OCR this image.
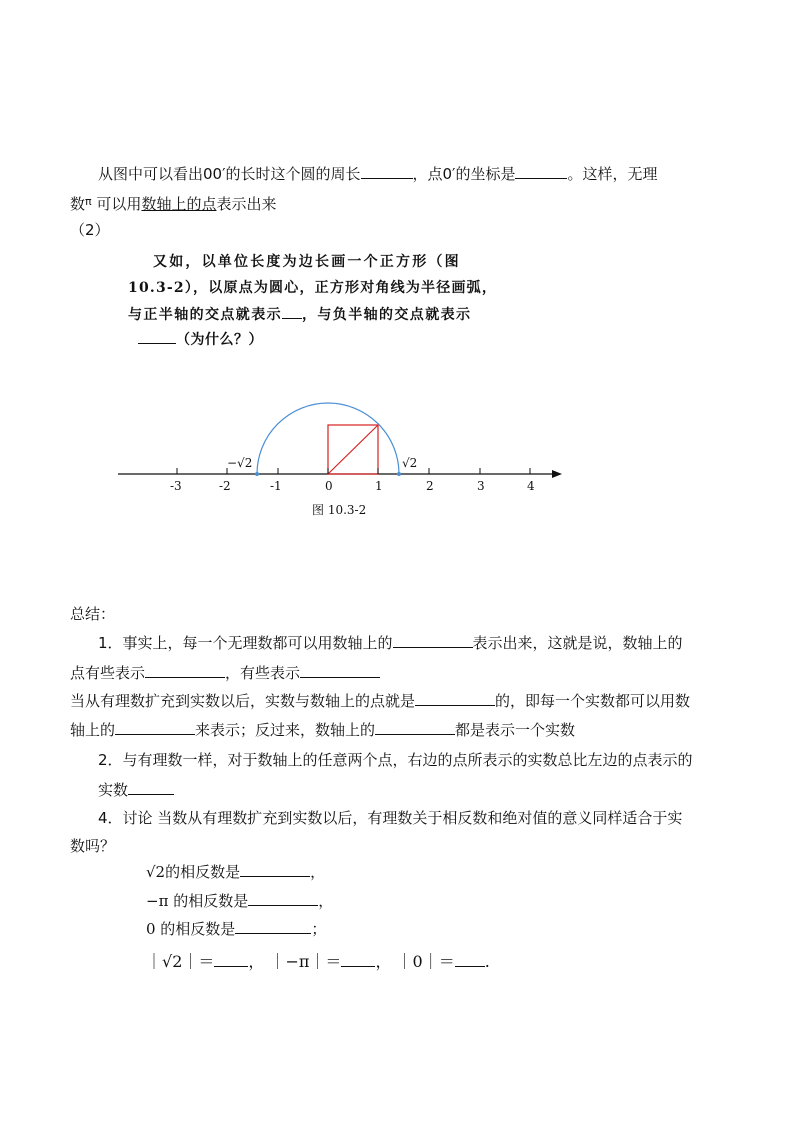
从图中可以看出00′的长时这个圆的周长	，点0′的坐标是	。这样，无理
数$^\pi$ 可以用数轴上的点表示出来
（2）
又如，以单位长度为边长画一个正方形（图
10.3-2），以原点为圆心，正方形对角线为半径画弧，
与正半轴的交点就表示 ，与负半轴的交点就表示
（为什么？）
-3	-2	-1	0	1	2	3	4
−√2	√2
图 10.3-2
总结：
1．事实上，每一个无理数都可以用数轴上的	表示出来，这就是说，数轴上的
点有些表示	，有些表示
当从有理数扩充到实数以后，实数与数轴上的点就是	的，即每一个实数都可以用数
轴上的	来表示；反过来，数轴上的	都是表示一个实数
2．与有理数一样，对于数轴上的任意两个点，右边的点所表示的实数总比左边的点表示的
实数
4．讨论 当数从有理数扩充到实数以后，有理数关于相反数和绝对值的意义同样适合于实
数吗？
√2的相反数是	，
−π 的相反数是	，
0 的相反数是	；
｜√2｜＝ ， ｜−π｜＝ ， ｜0｜＝ .
